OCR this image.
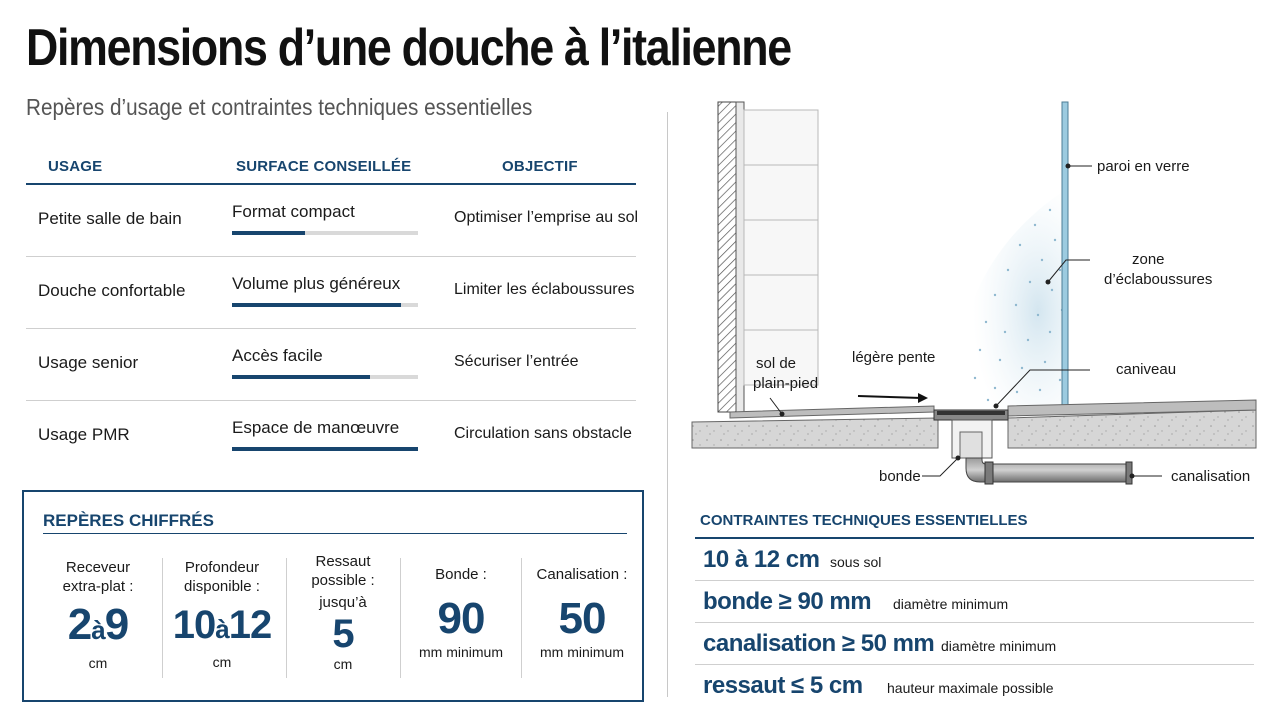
Dimensions d’une douche à l’italienne
Repères d’usage et contraintes techniques essentielles
USAGE	SURFACE CONSEILLÉE	OBJECTIF
Petite salle de bain	Format compact	Optimiser l’emprise au sol
Douche confortable	Volume plus généreux	Limiter les éclaboussures
Usage senior	Accès facile	Sécuriser l’entrée
Usage PMR	Espace de manœuvre	Circulation sans obstacle
REPÈRES CHIFFRÉS
Receveur
extra-plat :
2à9
cm
Profondeur
disponible :
10à12
cm
Ressaut
possible :
jusqu’à
5
cm
Bonde :
90
mm minimum
Canalisation :
50
mm minimum
paroi en verre
zone
d’éclaboussures
caniveau
sol de
plain-pied
légère pente
bonde	canalisation
CONTRAINTES TECHNIQUES ESSENTIELLES
10 à 12 cm sous sol
bonde ≥ 90 mm diamètre minimum
canalisation ≥ 50 mm diamètre minimum
ressaut ≤ 5 cm hauteur maximale possible
